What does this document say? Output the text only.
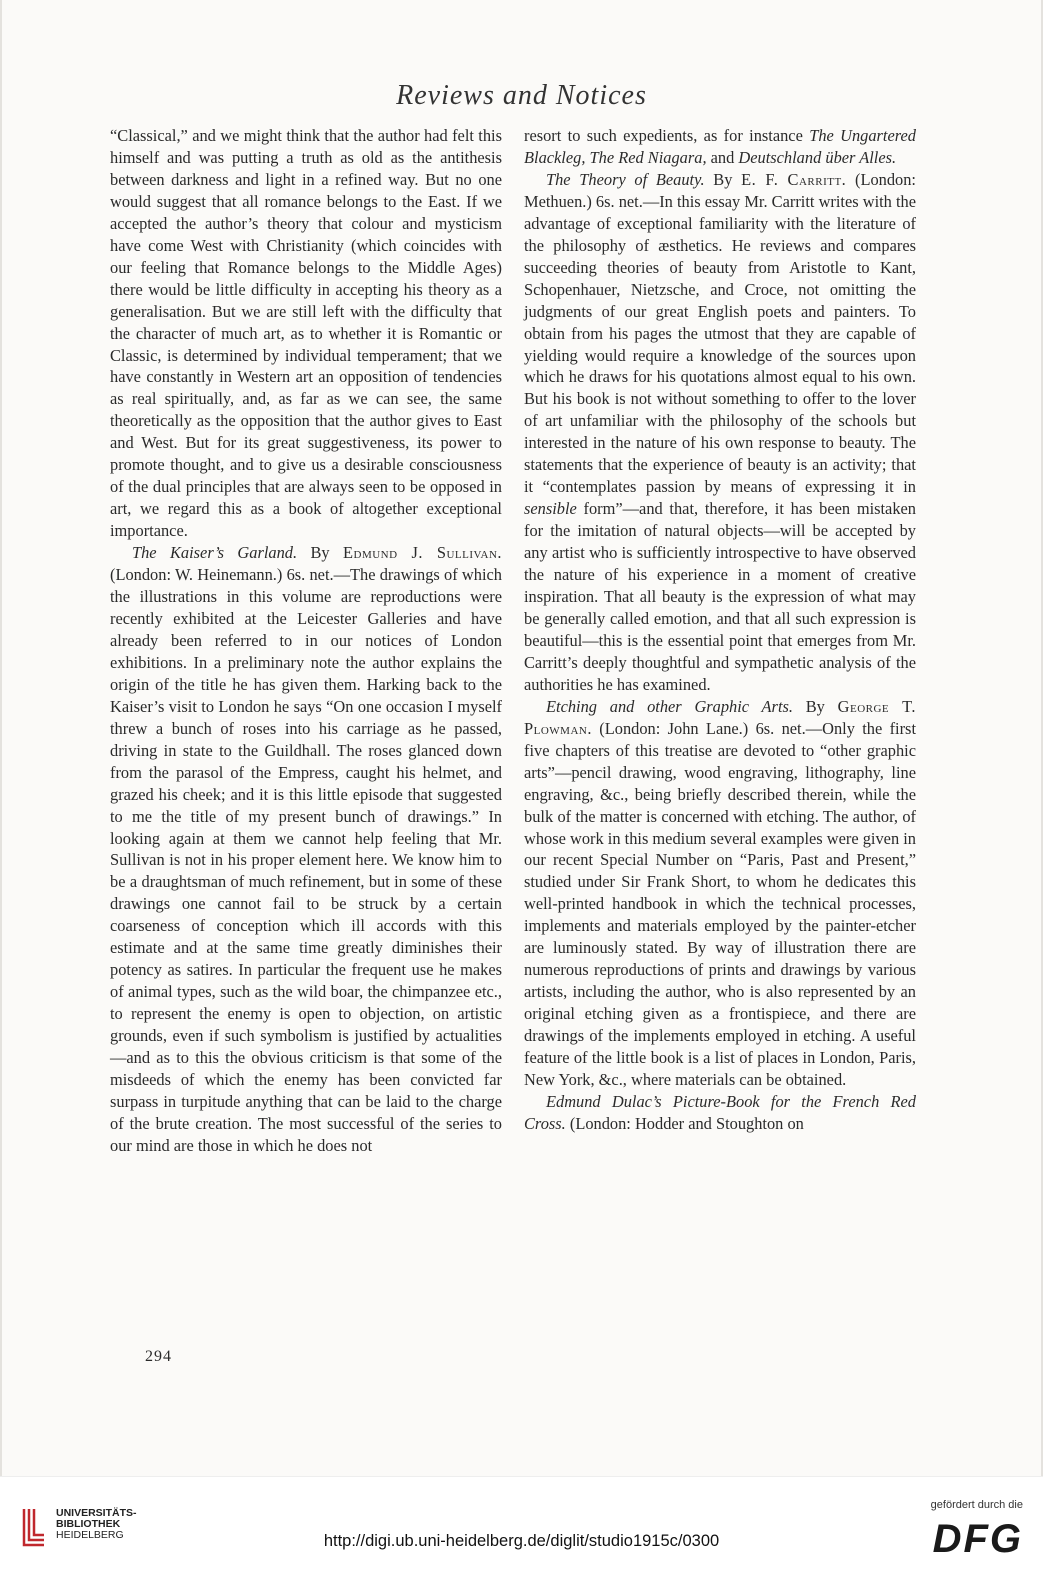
Reviews and Notices

“Classical,” and we might think that the author had felt this himself and was putting a truth as old as the antithesis between darkness and light in a refined way. But no one would suggest that all romance belongs to the East. If we accepted the author’s theory that colour and mysticism have come West with Christianity (which coincides with our feeling that Romance belongs to the Middle Ages) there would be little difficulty in accepting his theory as a generalisation. But we are still left with the difficulty that the character of much art, as to whether it is Romantic or Classic, is determined by individual temperament; that we have constantly in Western art an opposition of tendencies as real spiritually, and, as far as we can see, the same theoretically as the opposition that the author gives to East and West. But for its great suggestiveness, its power to promote thought, and to give us a desirable consciousness of the dual principles that are always seen to be opposed in art, we regard this as a book of altogether exceptional importance.

The Kaiser’s Garland. By Edmund J. Sullivan. (London: W. Heinemann.) 6s. net.—The drawings of which the illustrations in this volume are reproductions were recently exhibited at the Leicester Galleries and have already been referred to in our notices of London exhibitions. In a preliminary note the author explains the origin of the title he has given them. Harking back to the Kaiser’s visit to London he says “On one occasion I myself threw a bunch of roses into his carriage as he passed, driving in state to the Guildhall. The roses glanced down from the parasol of the Empress, caught his helmet, and grazed his cheek; and it is this little episode that suggested to me the title of my present bunch of drawings.” In looking again at them we cannot help feeling that Mr. Sullivan is not in his proper element here. We know him to be a draughtsman of much refinement, but in some of these drawings one cannot fail to be struck by a certain coarseness of conception which ill accords with this estimate and at the same time greatly diminishes their potency as satires. In particular the frequent use he makes of animal types, such as the wild boar, the chimpanzee etc., to represent the enemy is open to objection, on artistic grounds, even if such symbolism is justified by actualities—and as to this the obvious criticism is that some of the misdeeds of which the enemy has been convicted far surpass in turpitude anything that can be laid to the charge of the brute creation. The most successful of the series to our mind are those in which he does not

resort to such expedients, as for instance The Ungartered Blackleg, The Red Niagara, and Deutschland über Alles.

The Theory of Beauty. By E. F. Carritt. (London: Methuen.) 6s. net.—In this essay Mr. Carritt writes with the advantage of exceptional familiarity with the literature of the philosophy of æsthetics. He reviews and compares succeeding theories of beauty from Aristotle to Kant, Schopenhauer, Nietzsche, and Croce, not omitting the judgments of our great English poets and painters. To obtain from his pages the utmost that they are capable of yielding would require a knowledge of the sources upon which he draws for his quotations almost equal to his own. But his book is not without something to offer to the lover of art unfamiliar with the philosophy of the schools but interested in the nature of his own response to beauty. The statements that the experience of beauty is an activity; that it “contemplates passion by means of expressing it in sensible form”—and that, therefore, it has been mistaken for the imitation of natural objects—will be accepted by any artist who is sufficiently introspective to have observed the nature of his experience in a moment of creative inspiration. That all beauty is the expression of what may be generally called emotion, and that all such expression is beautiful—this is the essential point that emerges from Mr. Carritt’s deeply thoughtful and sympathetic analysis of the authorities he has examined.

Etching and other Graphic Arts. By George T. Plowman. (London: John Lane.) 6s. net.—Only the first five chapters of this treatise are devoted to “other graphic arts”—pencil drawing, wood engraving, lithography, line engraving, &c., being briefly described therein, while the bulk of the matter is concerned with etching. The author, of whose work in this medium several examples were given in our recent Special Number on “Paris, Past and Present,” studied under Sir Frank Short, to whom he dedicates this well-printed handbook in which the technical processes, implements and materials employed by the painter-etcher are luminously stated. By way of illustration there are numerous reproductions of prints and drawings by various artists, including the author, who is also represented by an original etching given as a frontispiece, and there are drawings of the implements employed in etching. A useful feature of the little book is a list of places in London, Paris, New York, &c., where materials can be obtained.

Edmund Dulac’s Picture-Book for the French Red Cross. (London: Hodder and Stoughton on

294
UNIVERSITÄTS-
BIBLIOTHEK
HEIDELBERG	http://digi.ub.uni-heidelberg.de/diglit/studio1915c/0300
gefördert durch die
DFG
